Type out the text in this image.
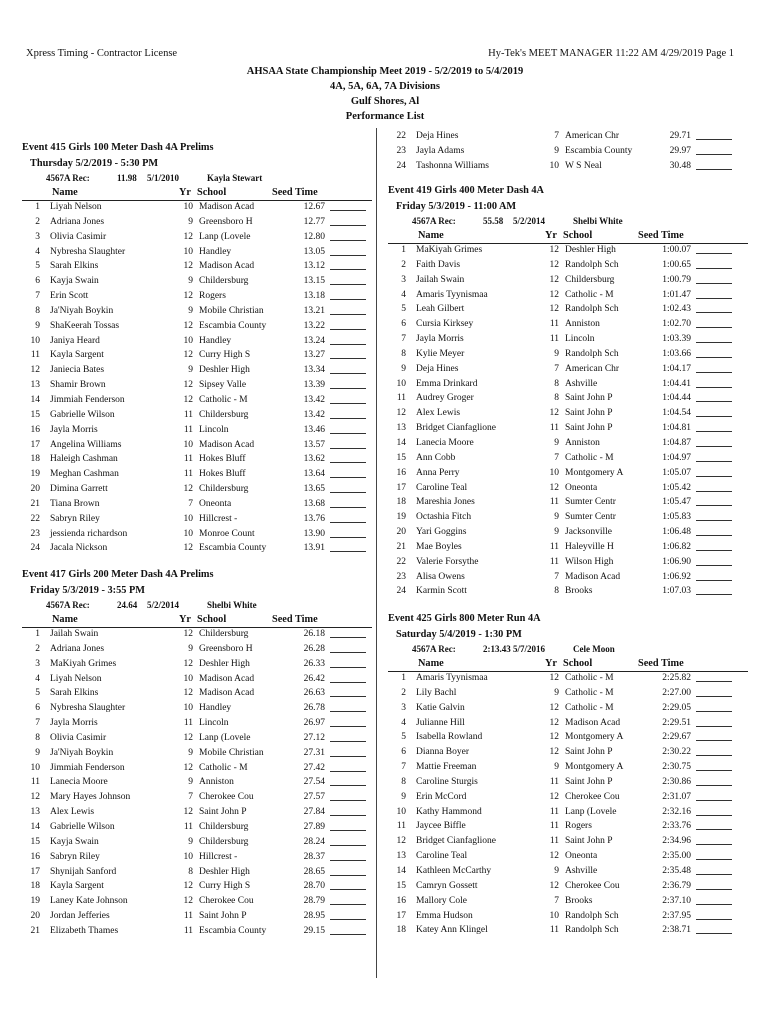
Xpress Timing - Contractor License	Hy-Tek's MEET MANAGER 11:22 AM 4/29/2019 Page 1
AHSAA State Championship Meet 2019 - 5/2/2019 to 5/4/2019
4A, 5A, 6A, 7A Divisions
Gulf Shores, Al
Performance List
Event 415 Girls 100 Meter Dash 4A Prelims
Thursday 5/2/2019 - 5:30 PM
4567A Rec:	11.98 5/1/2010	Kayla Stewart
Name	Yr School	Seed Time
1 Liyah Nelson	10 Madison Acad	12.67
2 Adriana Jones	9 Greensboro H	12.77
3 Olivia Casimir	12 Lanp (Lovele	12.80
4 Nybresha Slaughter	10 Handley	13.05
5 Sarah Elkins	12 Madison Acad	13.12
6 Kayja Swain	9 Childersburg	13.15
7 Erin Scott	12 Rogers	13.18
8 Ja'Niyah Boykin	9 Mobile Christian	13.21
9 ShaKeerah Tossas	12 Escambia County	13.22
10 Janiya Heard	10 Handley	13.24
11 Kayla Sargent	12 Curry High S	13.27
12 Janiecia Bates	9 Deshler High	13.34
13 Shamir Brown	12 Sipsey Valle	13.39
14 Jimmiah Fenderson	12 Catholic - M	13.42
15 Gabrielle Wilson	11 Childersburg	13.42
16 Jayla Morris	11 Lincoln	13.46
17 Angelina Williams	10 Madison Acad	13.57
18 Haleigh Cashman	11 Hokes Bluff	13.62
19 Meghan Cashman	11 Hokes Bluff	13.64
20 Dimina Garrett	12 Childersburg	13.65
21 Tiana Brown	7 Oneonta	13.68
22 Sabryn Riley	10 Hillcrest -	13.76
23 jessienda richardson	10 Monroe Count	13.90
24 Jacala Nickson	12 Escambia County	13.91
Event 417 Girls 200 Meter Dash 4A Prelims
Friday 5/3/2019 - 3:55 PM
4567A Rec:	24.64 5/2/2014	Shelbi White
Name	Yr School	Seed Time
1 Jailah Swain	12 Childersburg	26.18
2 Adriana Jones	9 Greensboro H	26.28
3 MaKiyah Grimes	12 Deshler High	26.33
4 Liyah Nelson	10 Madison Acad	26.42
5 Sarah Elkins	12 Madison Acad	26.63
6 Nybresha Slaughter	10 Handley	26.78
7 Jayla Morris	11 Lincoln	26.97
8 Olivia Casimir	12 Lanp (Lovele	27.12
9 Ja'Niyah Boykin	9 Mobile Christian	27.31
10 Jimmiah Fenderson	12 Catholic - M	27.42
11 Lanecia Moore	9 Anniston	27.54
12 Mary Hayes Johnson	7 Cherokee Cou	27.57
13 Alex Lewis	12 Saint John P	27.84
14 Gabrielle Wilson	11 Childersburg	27.89
15 Kayja Swain	9 Childersburg	28.24
16 Sabryn Riley	10 Hillcrest -	28.37
17 Shynijah Sanford	8 Deshler High	28.65
18 Kayla Sargent	12 Curry High S	28.70
19 Laney Kate Johnson	12 Cherokee Cou	28.79
20 Jordan Jefferies	11 Saint John P	28.95
21 Elizabeth Thames	11 Escambia County	29.15
22 Deja Hines	7 American Chr	29.71
23 Jayla Adams	9 Escambia County	29.97
24 Tashonna Williams	10 W S Neal	30.48
Event 419 Girls 400 Meter Dash 4A
Friday 5/3/2019 - 11:00 AM
4567A Rec:	55.58 5/2/2014	Shelbi White
Name	Yr School	Seed Time
1 MaKiyah Grimes	12 Deshler High	1:00.07
2 Faith Davis	12 Randolph Sch	1:00.65
3 Jailah Swain	12 Childersburg	1:00.79
4 Amaris Tyynismaa	12 Catholic - M	1:01.47
5 Leah Gilbert	12 Randolph Sch	1:02.43
6 Cursia Kirksey	11 Anniston	1:02.70
7 Jayla Morris	11 Lincoln	1:03.39
8 Kylie Meyer	9 Randolph Sch	1:03.66
9 Deja Hines	7 American Chr	1:04.17
10 Emma Drinkard	8 Ashville	1:04.41
11 Audrey Groger	8 Saint John P	1:04.44
12 Alex Lewis	12 Saint John P	1:04.54
13 Bridget Cianfaglione	11 Saint John P	1:04.81
14 Lanecia Moore	9 Anniston	1:04.87
15 Ann Cobb	7 Catholic - M	1:04.97
16 Anna Perry	10 Montgomery A	1:05.07
17 Caroline Teal	12 Oneonta	1:05.42
18 Mareshia Jones	11 Sumter Centr	1:05.47
19 Octashia Fitch	9 Sumter Centr	1:05.83
20 Yari Goggins	9 Jacksonville	1:06.48
21 Mae Boyles	11 Haleyville H	1:06.82
22 Valerie Forsythe	11 Wilson High	1:06.90
23 Alisa Owens	7 Madison Acad	1:06.92
24 Karmin Scott	8 Brooks	1:07.03
Event 425 Girls 800 Meter Run 4A
Saturday 5/4/2019 - 1:30 PM
4567A Rec:	2:13.43 5/7/2016	Cele Moon
Name	Yr School	Seed Time
1 Amaris Tyynismaa	12 Catholic - M	2:25.82
2 Lily Bachl	9 Catholic - M	2:27.00
3 Katie Galvin	12 Catholic - M	2:29.05
4 Julianne Hill	12 Madison Acad	2:29.51
5 Isabella Rowland	12 Montgomery A	2:29.67
6 Dianna Boyer	12 Saint John P	2:30.22
7 Mattie Freeman	9 Montgomery A	2:30.75
8 Caroline Sturgis	11 Saint John P	2:30.86
9 Erin McCord	12 Cherokee Cou	2:31.07
10 Kathy Hammond	11 Lanp (Lovele	2:32.16
11 Jaycee Biffle	11 Rogers	2:33.76
12 Bridget Cianfaglione	11 Saint John P	2:34.96
13 Caroline Teal	12 Oneonta	2:35.00
14 Kathleen McCarthy	9 Ashville	2:35.48
15 Camryn Gossett	12 Cherokee Cou	2:36.79
16 Mallory Cole	7 Brooks	2:37.10
17 Emma Hudson	10 Randolph Sch	2:37.95
18 Katey Ann Klingel	11 Randolph Sch	2:38.71
